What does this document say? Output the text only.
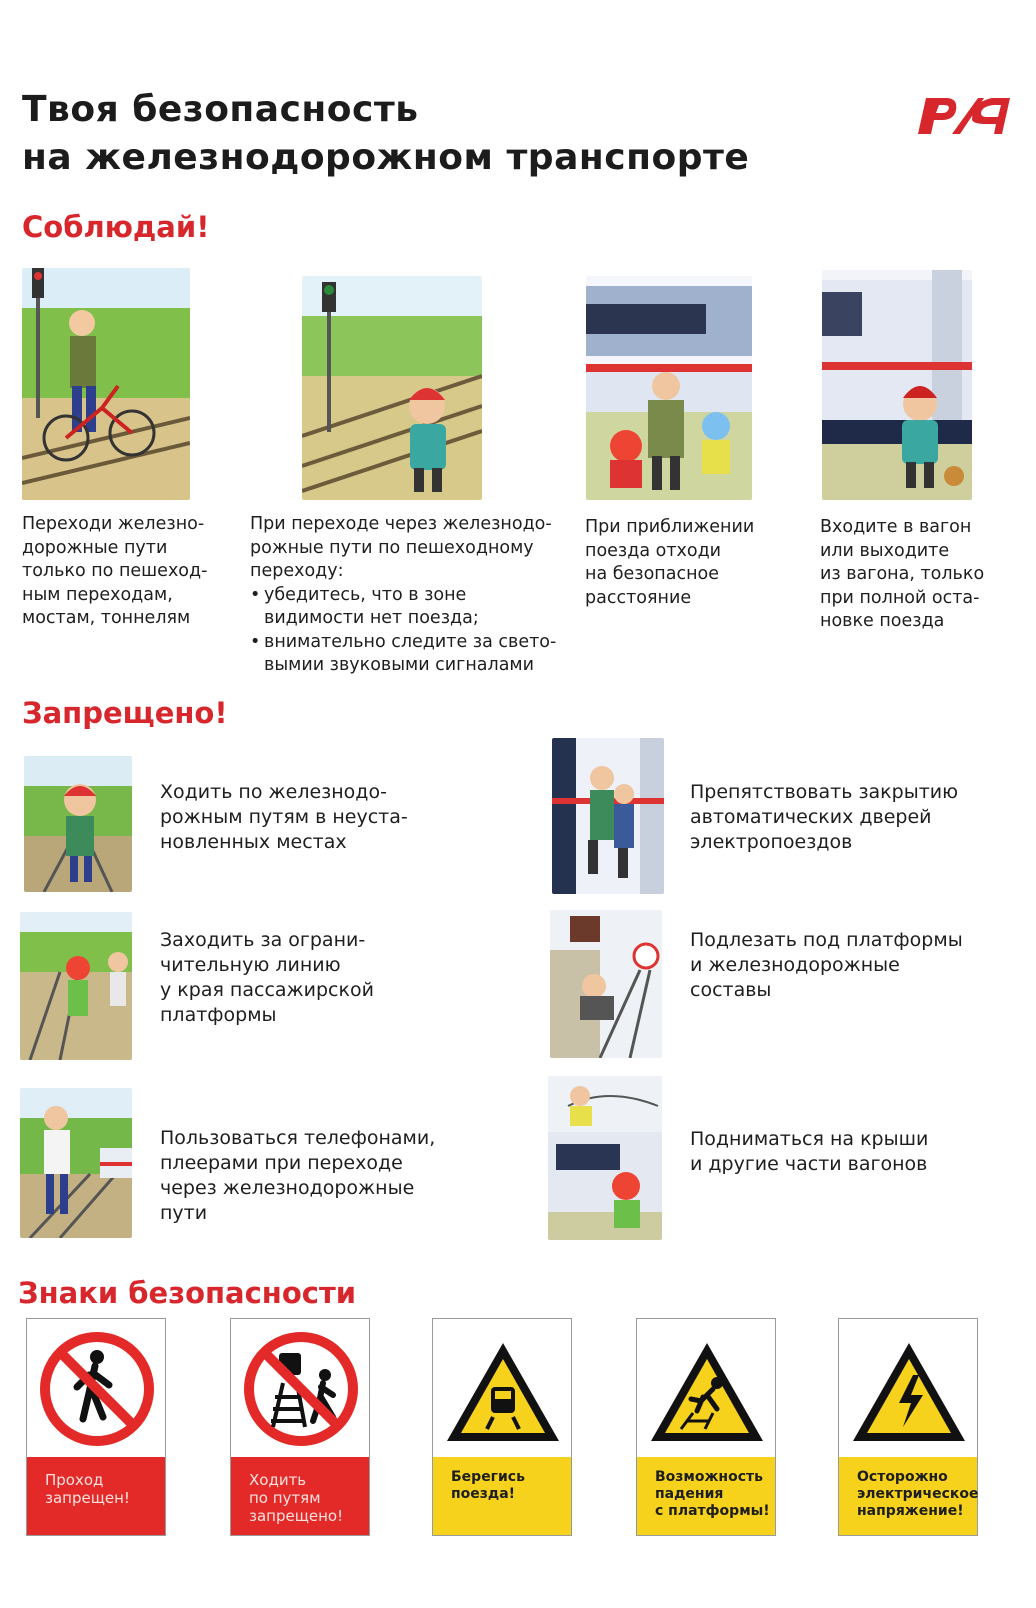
Твоя безопасность
на железнодорожном транспорте
Соблюдай!
Переходи железно-
дорожные пути
только по пешеход-
ным переходам,
мостам, тоннелям
При переходе через железнодо-
рожные пути по пешеходному
переходу:
• убедитесь, что в зоне
видимости нет поезда;
• внимательно следите за свето-
вымии звуковыми сигналами
При приближении
поезда отходи
на безопасное
расстояние
Входите в вагон
или выходите
из вагона, только
при полной оста-
новке поезда
Запрещено!
Ходить по железнодо-
рожным путям в неуста-
новленных местах
Препятствовать закрытию
автоматических дверей
электропоездов
Заходить за ограни-
чительную линию
у края пассажирской
платформы
Подлезать под платформы
и железнодорожные
составы
Пользоваться телефонами,
плеерами при переходе
через железнодорожные
пути
Подниматься на крыши
и другие части вагонов
Знаки безопасности
Проход
запрещен!
Ходить
по путям
запрещено!
Берегись
поезда!
Возможность
падения
с платформы!
Осторожно
электрическое
напряжение!
